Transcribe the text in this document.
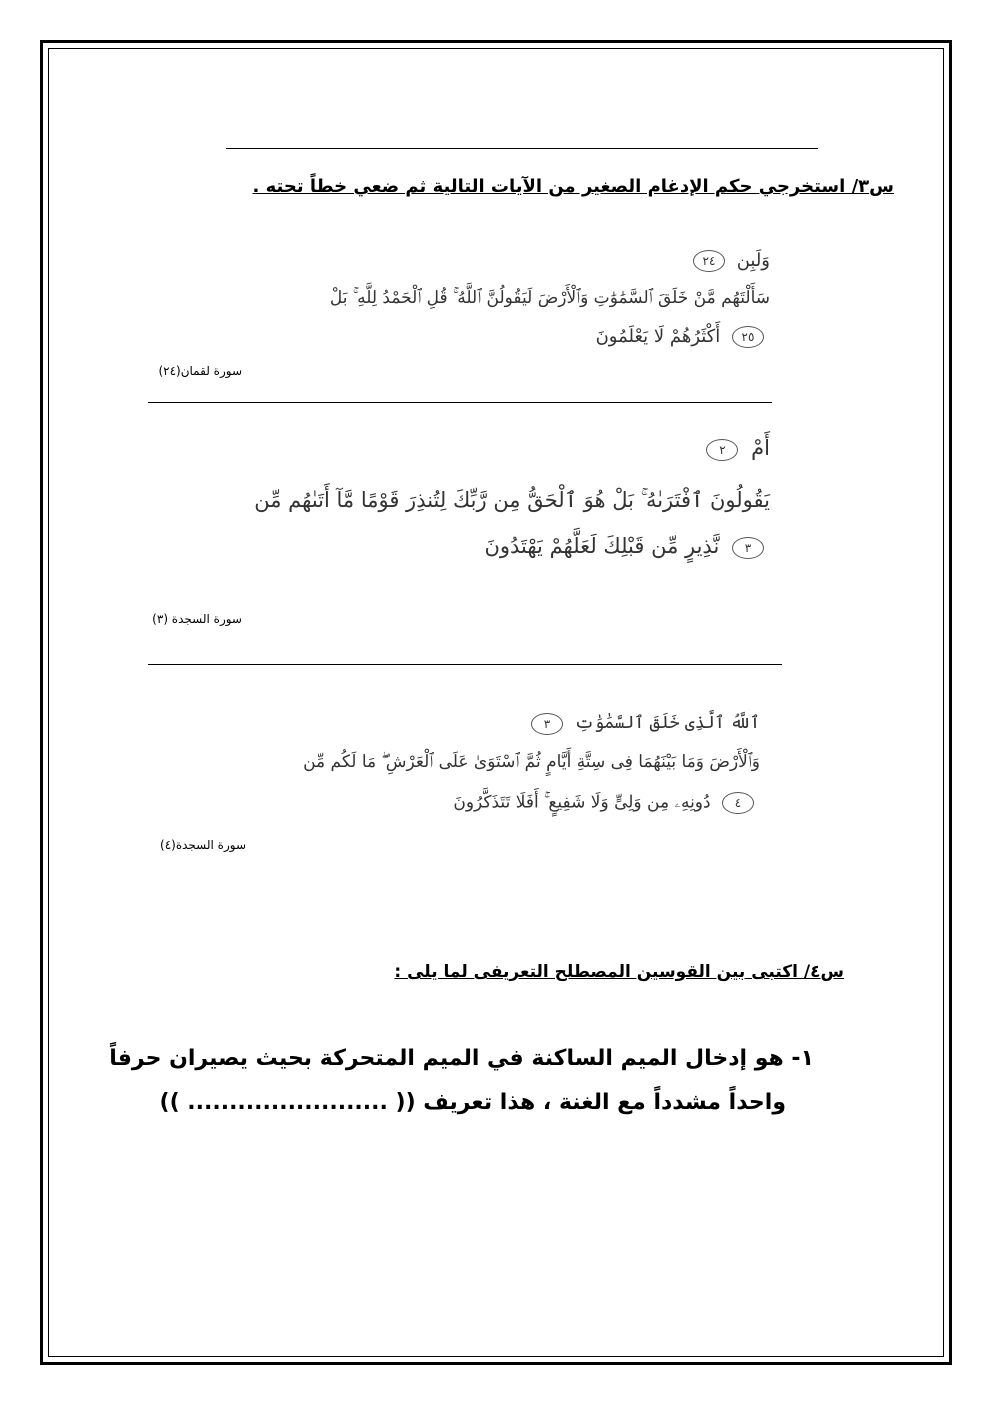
س٣/ استخرجي حكم الإدغام الصغير من الآيات التالية ثم ضعي خطاً تحته .
وَلَبِن ٢٤
سَأَلْتَهُم مَّنْ خَلَقَ ٱلسَّمَٰوَٰتِ وَٱلْأَرْضَ لَيَقُولُنَّ ٱللَّهُ ۚ قُلِ ٱلْحَمْدُ لِلَّهِ ۚ بَلْ
٢٥ أَكْثَرُهُمْ لَا يَعْلَمُونَ
سورة لقمان(٢٤)
أَمْ ٢
يَقُولُونَ ٱفْتَرَىٰهُ ۚ بَلْ هُوَ ٱلْحَقُّ مِن رَّبِّكَ لِتُنذِرَ قَوْمًا مَّآ أَتَىٰهُم مِّن
٣ نَّذِيرٍ مِّن قَبْلِكَ لَعَلَّهُمْ يَهْتَدُونَ
سورة السجدة (٣)
ٱللَّهُ ٱلَّذِى خَلَقَ ٱلسَّمَٰوَٰتِ ٣
وَٱلْأَرْضَ وَمَا بَيْنَهُمَا فِى سِتَّةِ أَيَّامٍ ثُمَّ ٱسْتَوَىٰ عَلَى ٱلْعَرْشِ ۖ مَا لَكُم مِّن
٤ دُونِهِۦ مِن وَلِىٍّ وَلَا شَفِيعٍ ۚ أَفَلَا تَتَذَكَّرُونَ
سورة السجدة(٤)
س٤/ اكتبى بين القوسين المصطلح التعريفى لما يلى :
١- هو إدخال الميم الساكنة في الميم المتحركة بحيث يصيران حرفاً
واحداً مشدداً مع الغنة ، هذا تعريف (( ........................ ))
